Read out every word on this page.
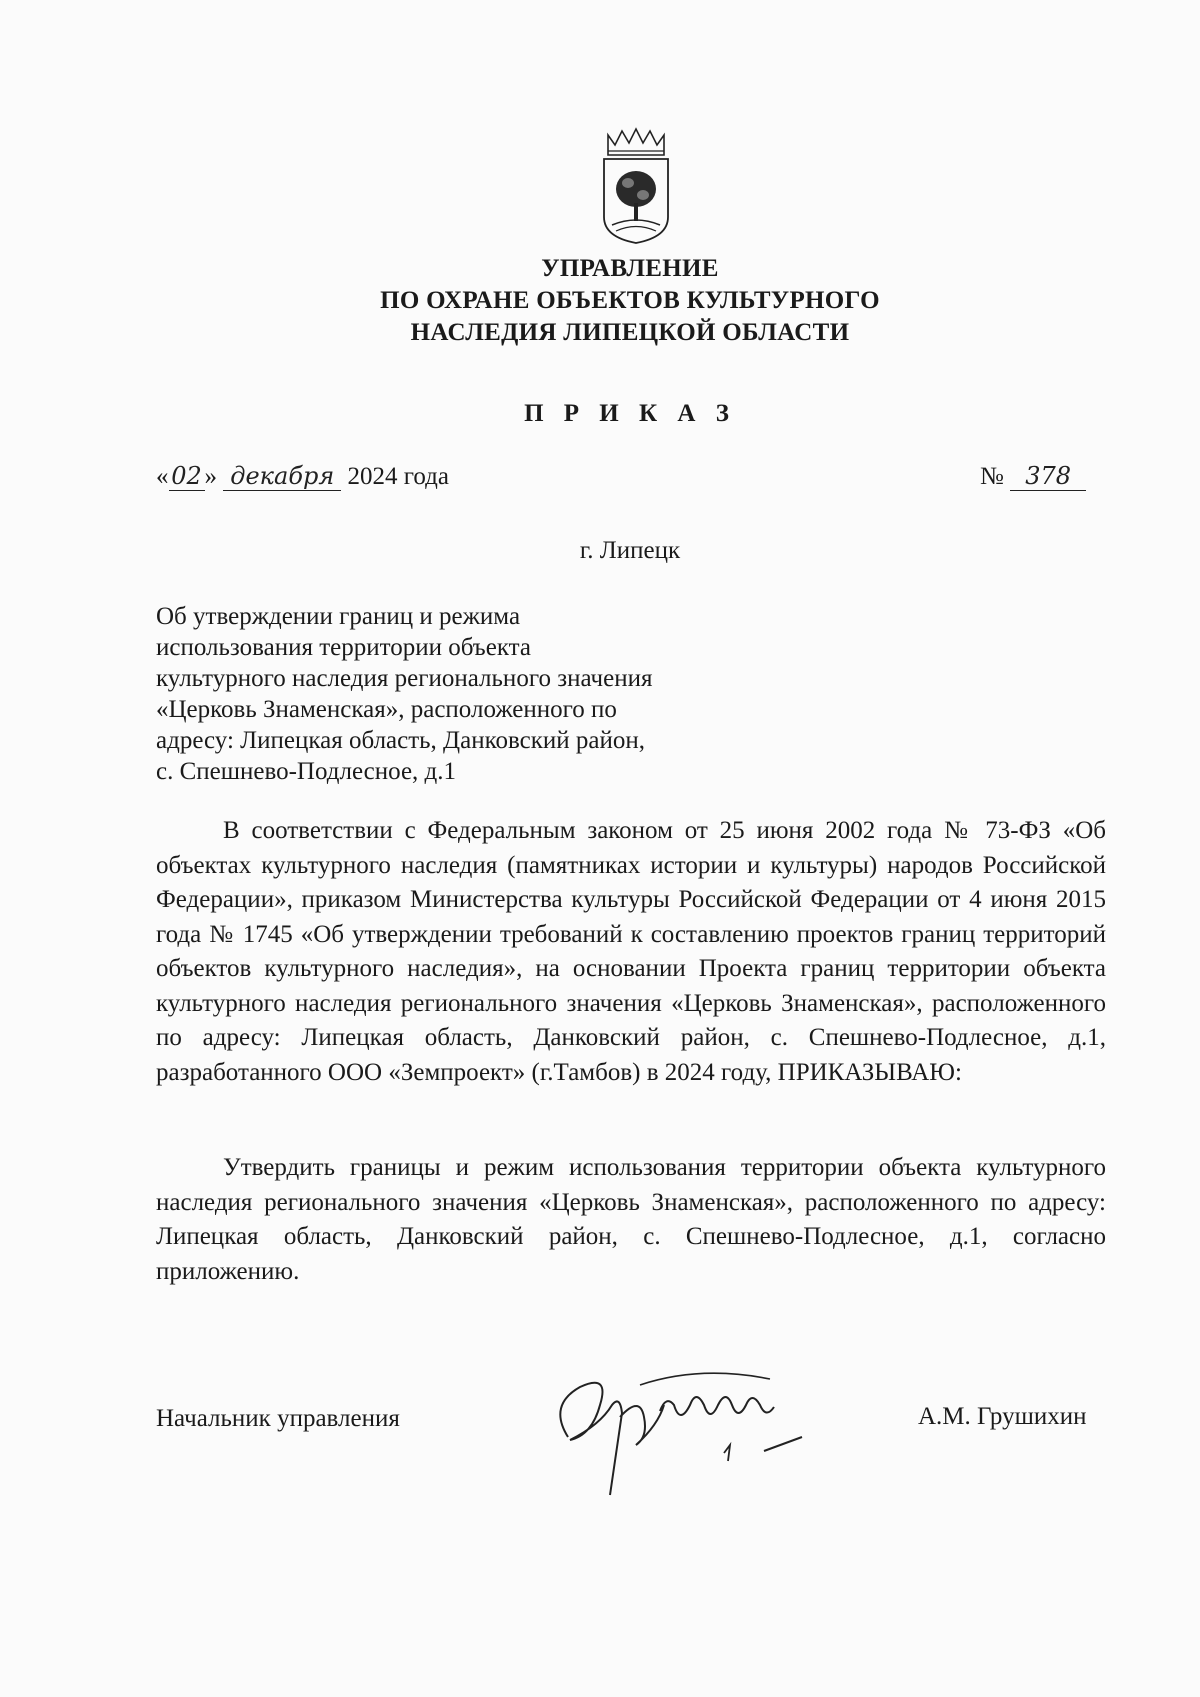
УПРАВЛЕНИЕ
ПО ОХРАНЕ ОБЪЕКТОВ КУЛЬТУРНОГО
НАСЛЕДИЯ ЛИПЕЦКОЙ ОБЛАСТИ
П Р И К А З
« 02 » декабря 2024 года	№ 378
г. Липецк

Об утверждении границ и режима

использования территории объекта

культурного наследия регионального значения

«Церковь Знаменская», расположенного по

адресу: Липецкая область, Данковский район,

с. Спешнево-Подлесное, д.1

В соответствии с Федеральным законом от 25 июня 2002 года № 73-ФЗ «Об объектах культурного наследия (памятниках истории и культуры) народов Российской Федерации», приказом Министерства культуры Российской Федерации от 4 июня 2015 года № 1745 «Об утверждении требований к составлению проектов границ территорий объектов культурного наследия», на основании Проекта границ территории объекта культурного наследия регионального значения «Церковь Знаменская», расположенного по адресу: Липецкая область, Данковский район, с. Спешнево-Подлесное, д.1, разработанного ООО «Земпроект» (г.Тамбов) в 2024 году, ПРИКАЗЫВАЮ:

Утвердить границы и режим использования территории объекта культурного наследия регионального значения «Церковь Знаменская», расположенного по адресу: Липецкая область, Данковский район, с. Спешнево-Подлесное, д.1, согласно приложению.

Начальник управления	А.М. Грушихин
